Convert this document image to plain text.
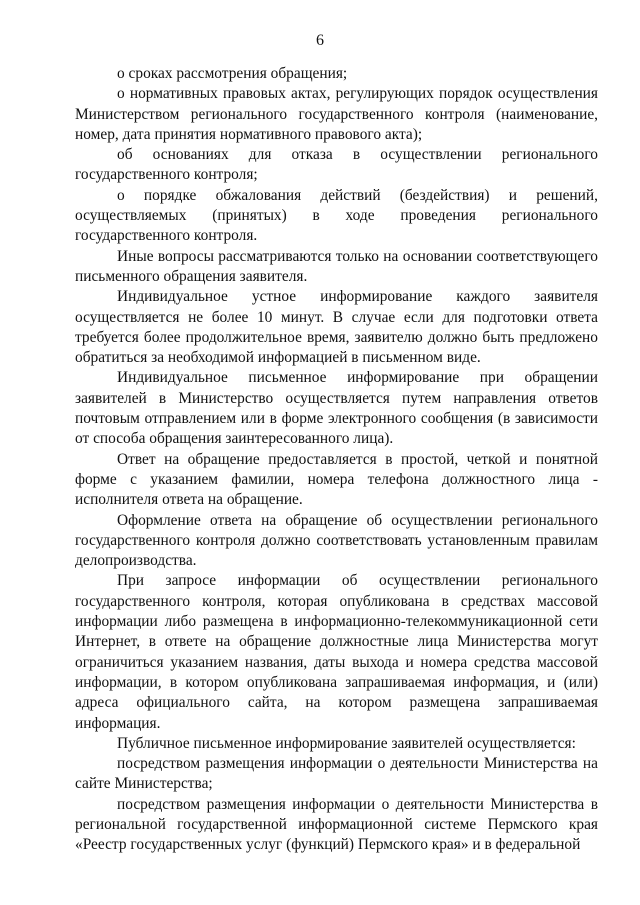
6

о сроках рассмотрения обращения;

о нормативных правовых актах, регулирующих порядок осуществления Министерством регионального государственного контроля (наименование, номер, дата принятия нормативного правового акта);

об основаниях для отказа в осуществлении регионального государственного контроля;

о порядке обжалования действий (бездействия) и решений, осуществляемых (принятых) в ходе проведения регионального государственного контроля.

Иные вопросы рассматриваются только на основании соответствующего письменного обращения заявителя.

Индивидуальное устное информирование каждого заявителя осуществляется не более 10 минут. В случае если для подготовки ответа требуется более продолжительное время, заявителю должно быть предложено обратиться за необходимой информацией в письменном виде.

Индивидуальное письменное информирование при обращении заявителей в Министерство осуществляется путем направления ответов почтовым отправлением или в форме электронного сообщения (в зависимости от способа обращения заинтересованного лица).

Ответ на обращение предоставляется в простой, четкой и понятной форме с указанием фамилии, номера телефона должностного лица - исполнителя ответа на обращение.

Оформление ответа на обращение об осуществлении регионального государственного контроля должно соответствовать установленным правилам делопроизводства.

При запросе информации об осуществлении регионального государственного контроля, которая опубликована в средствах массовой информации либо размещена в информационно-телекоммуникационной сети Интернет, в ответе на обращение должностные лица Министерства могут ограничиться указанием названия, даты выхода и номера средства массовой информации, в котором опубликована запрашиваемая информация, и (или) адреса официального сайта, на котором размещена запрашиваемая информация.

Публичное письменное информирование заявителей осуществляется:

посредством размещения информации о деятельности Министерства на сайте Министерства;

посредством размещения информации о деятельности Министерства в региональной государственной информационной системе Пермского края «Реестр государственных услуг (функций) Пермского края» и в федеральной
